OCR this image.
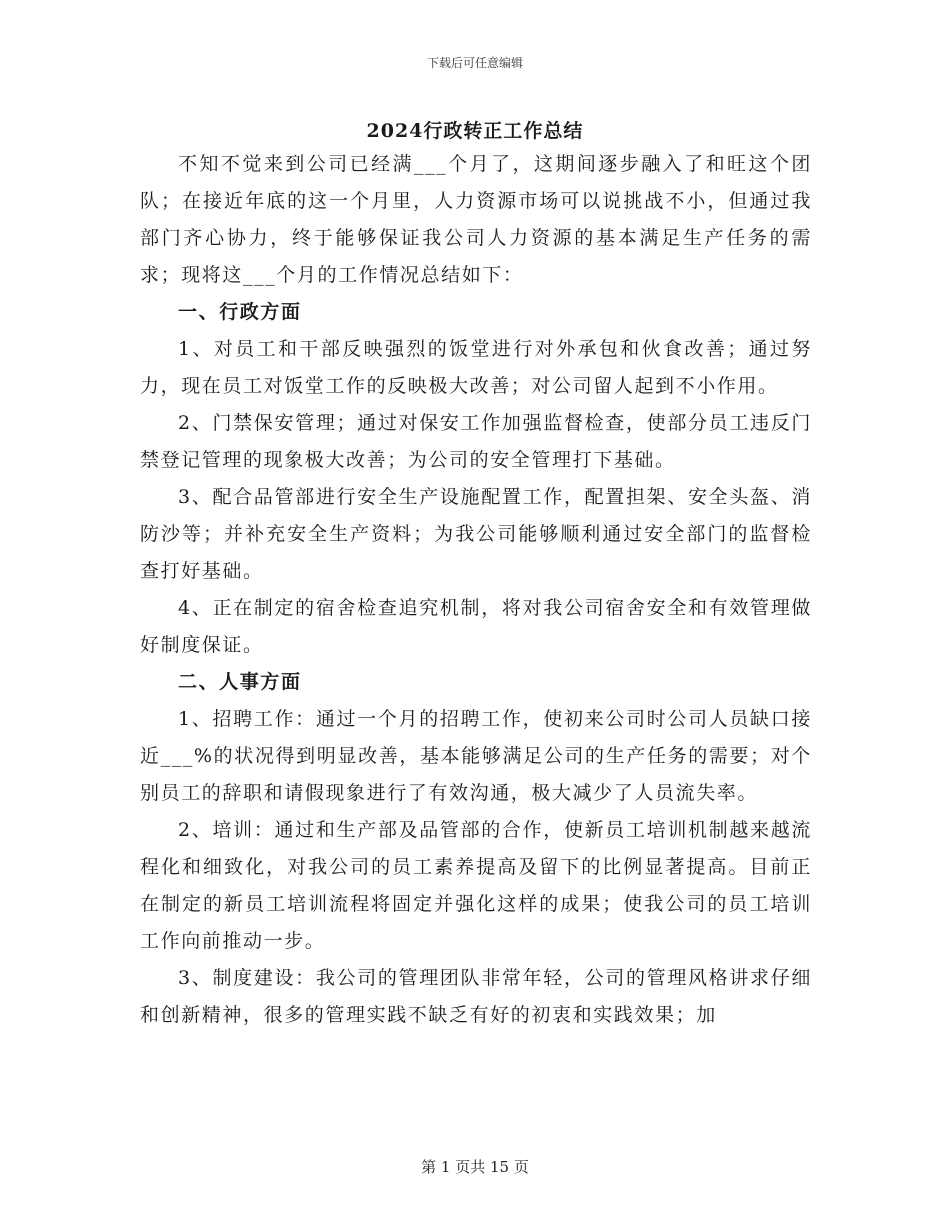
下载后可任意编辑
2024行政转正工作总结

不知不觉来到公司已经满___个月了，这期间逐步融入了和旺这个团队；在接近年底的这一个月里，人力资源市场可以说挑战不小，但通过我部门齐心协力，终于能够保证我公司人力资源的基本满足生产任务的需求；现将这___个月的工作情况总结如下：

一、行政方面

1、对员工和干部反映强烈的饭堂进行对外承包和伙食改善；通过努力，现在员工对饭堂工作的反映极大改善；对公司留人起到不小作用。

2、门禁保安管理；通过对保安工作加强监督检查，使部分员工违反门禁登记管理的现象极大改善；为公司的安全管理打下基础。

3、配合品管部进行安全生产设施配置工作，配置担架、安全头盔、消防沙等；并补充安全生产资料；为我公司能够顺利通过安全部门的监督检查打好基础。

4、正在制定的宿舍检查追究机制，将对我公司宿舍安全和有效管理做好制度保证。

二、人事方面

1、招聘工作：通过一个月的招聘工作，使初来公司时公司人员缺口接近___%的状况得到明显改善，基本能够满足公司的生产任务的需要；对个别员工的辞职和请假现象进行了有效沟通，极大减少了人员流失率。

2、培训：通过和生产部及品管部的合作，使新员工培训机制越来越流程化和细致化，对我公司的员工素养提高及留下的比例显著提高。目前正在制定的新员工培训流程将固定并强化这样的成果；使我公司的员工培训工作向前推动一步。

3、制度建设：我公司的管理团队非常年轻，公司的管理风格讲求仔细和创新精神，很多的管理实践不缺乏有好的初衷和实践效果；加

第 1 页共 15 页
